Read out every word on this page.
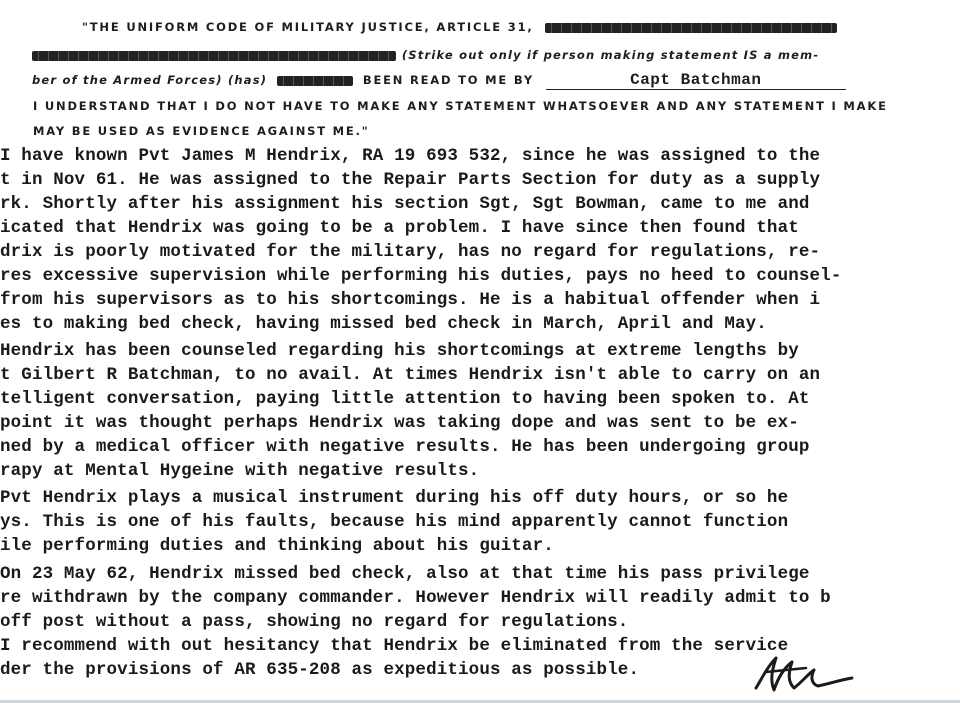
"THE UNIFORM CODE OF MILITARY JUSTICE, ARTICLE 31,
(Strike out only if person making statement IS a mem-
ber of the Armed Forces) (has)	BEEN READ TO ME BY	Capt Batchman
I UNDERSTAND THAT I DO NOT HAVE TO MAKE ANY STATEMENT WHATSOEVER AND ANY STATEMENT I MAKE
MAY BE USED AS EVIDENCE AGAINST ME."
I have known Pvt James M Hendrix, RA 19 693 532, since he was assigned to the
t in Nov 61. He was assigned to the Repair Parts Section for duty as a supply
rk. Shortly after his assignment his section Sgt, Sgt Bowman, came to me and
icated that Hendrix was going to be a problem. I have since then found that
drix is poorly motivated for the military, has no regard for regulations, re-
res excessive supervision while performing his duties, pays no heed to counsel-
from his supervisors as to his shortcomings. He is a habitual offender when i
es to making bed check, having missed bed check in March, April and May.
Hendrix has been counseled regarding his shortcomings at extreme lengths by
t Gilbert R Batchman, to no avail. At times Hendrix isn't able to carry on an
telligent conversation, paying little attention to having been spoken to. At
point it was thought perhaps Hendrix was taking dope and was sent to be ex-
ned by a medical officer with negative results. He has been undergoing group
rapy at Mental Hygeine with negative results.
Pvt Hendrix plays a musical instrument during his off duty hours, or so he
ys. This is one of his faults, because his mind apparently cannot function
ile performing duties and thinking about his guitar.
On 23 May 62, Hendrix missed bed check, also at that time his pass privilege
re withdrawn by the company commander. However Hendrix will readily admit to b
off post without a pass, showing no regard for regulations.
I recommend with out hesitancy that Hendrix be eliminated from the service
der the provisions of AR 635-208 as expeditious as possible.
